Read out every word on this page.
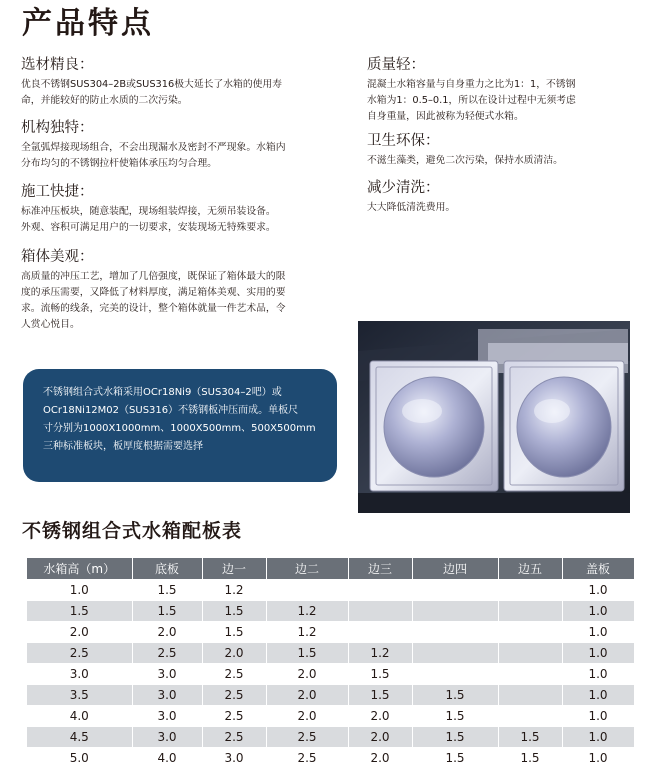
产品特点
选材精良：

优良不锈钢SUS304–2B或SUS316极大延长了水箱的使用寿
命，并能较好的防止水质的二次污染。

机构独特：

全氩弧焊接现场组合，不会出现漏水及密封不严现象。水箱内
分布均匀的不锈钢拉杆使箱体承压均匀合理。

施工快捷：

标准冲压板块，随意装配，现场组装焊接，无须吊装设备。
外观、容积可满足用户的一切要求，安装现场无特殊要求。

箱体美观：

高质量的冲压工艺，增加了几倍强度，既保证了箱体最大的限
度的承压需要，又降低了材料厚度，满足箱体美观、实用的要
求。流畅的线条，完美的设计，整个箱体就量一件艺术品，令
人赏心悦目。

质量轻：

混凝土水箱容量与自身重力之比为1：1，不锈钢
水箱为1：0.5–0.1，所以在设计过程中无须考虑
自身重量，因此被称为轻便式水箱。

卫生环保：

不滋生藻类，避免二次污染，保持水质清洁。

减少清洗：

大大降低清洗费用。

不锈钢组合式水箱采用OCr18Ni9（SUS304–2吧）或
OCr18Ni12M02（SUS316）不锈钢板冲压而成。单板尺
寸分别为1000X1000mm、1000X500mm、500X500mm
三种标准板块，板厚度根据需要选择

不锈钢组合式水箱配板表
水箱高（m）	底板	边一	边二	边三	边四	边五	盖板
1.0	1.5	1.2					1.0
1.5	1.5	1.5	1.2				1.0
2.0	2.0	1.5	1.2				1.0
2.5	2.5	2.0	1.5	1.2			1.0
3.0	3.0	2.5	2.0	1.5			1.0
3.5	3.0	2.5	2.0	1.5	1.5		1.0
4.0	3.0	2.5	2.0	2.0	1.5		1.0
4.5	3.0	2.5	2.5	2.0	1.5	1.5	1.0
5.0	4.0	3.0	2.5	2.0	1.5	1.5	1.0
